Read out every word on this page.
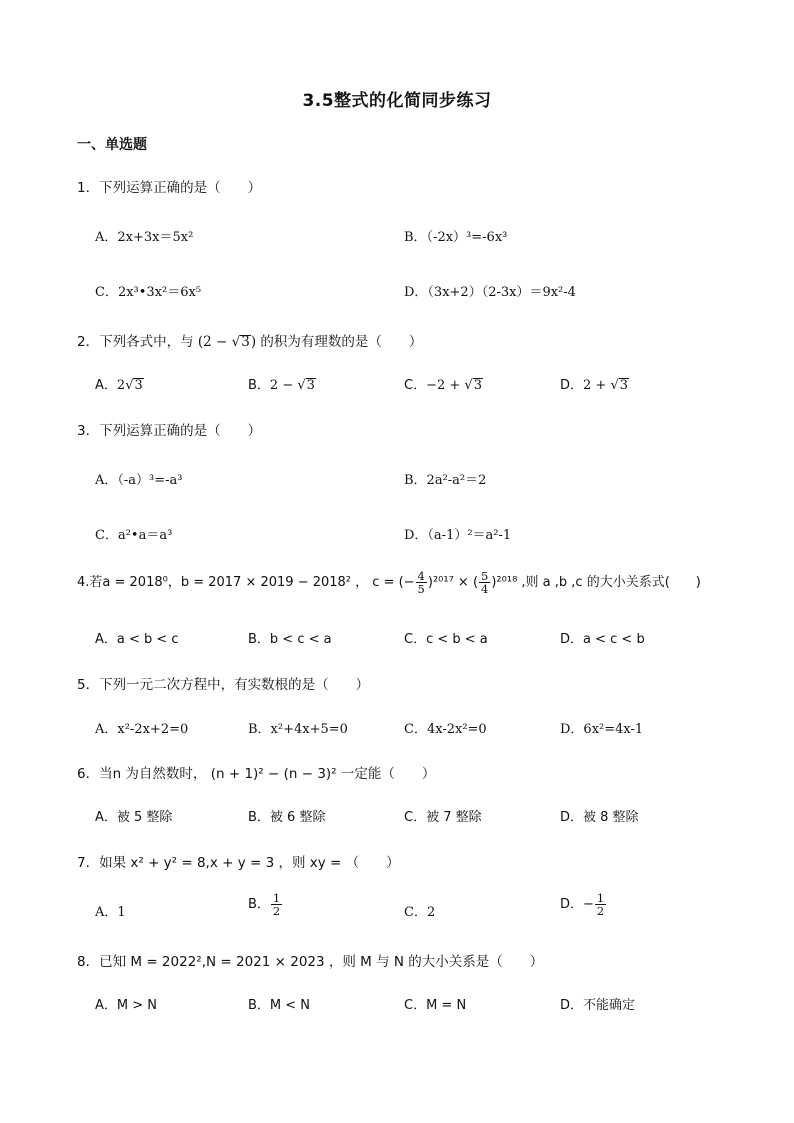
3.5整式的化简同步练习
一、单选题
1．下列运算正确的是（　　）
A．2x+3x＝5x²	B．（-2x）³=-6x³
C．2x³•3x²＝6x⁵	D．（3x+2）（2-3x）＝9x²-4
2．下列各式中，与 (2 − √3) 的积为有理数的是（　　）
A．2√3	B．2 − √3	C．−2 + √3	D．2 + √3
3．下列运算正确的是（　　）
A．（-a）³=-a³	B．2a²-a²＝2
C．a²•a＝a³	D．（a-1）²＝a²-1
4.若a = 2018⁰，b = 2017 × 2019 − 2018² ， c = (− $\frac{4}{5} )^{2017}$ × ( $\frac{5}{4} )^{2018}$ ,则 a ,b ,c 的大小关系式(　　)
A．a < b < c	B．b < c < a	C．c < b < a	D．a < c < b
5．下列一元二次方程中，有实数根的是（　　）
A．x²-2x+2=0	B．x²+4x+5=0	C．4x-2x²=0	D．6x²=4x-1
6．当n 为自然数时， (n + 1)² − (n − 3)² 一定能（　　）
A．被 5 整除	B．被 6 整除	C．被 7 整除	D．被 8 整除
7．如果 x² + y² = 8,x + y = 3 ，则 xy = （　　）
A．1
B． $\frac{1}{2}$	C．2
D．− $\frac{1}{2}$
8．已知 M = 2022²,N = 2021 × 2023 ，则 M 与 N 的大小关系是（　　）
A．M > N	B．M < N	C．M = N	D．不能确定
